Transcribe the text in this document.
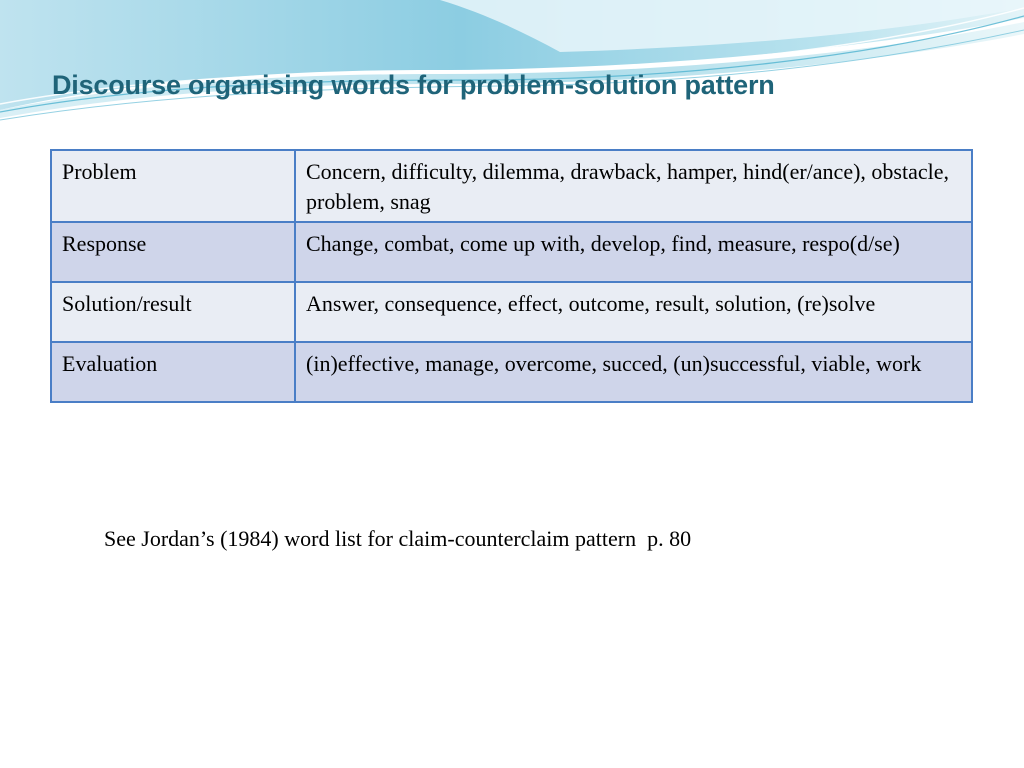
Discourse organising words for problem-solution pattern
Problem	Concern, difficulty, dilemma, drawback, hamper, hind(er/ance), obstacle, problem, snag
Response	Change, combat, come up with, develop, find, measure, respo(d/se)
Solution/result	Answer, consequence, effect, outcome, result, solution, (re)solve
Evaluation	(in)effective, manage, overcome, succed, (un)successful, viable, work
See Jordan’s (1984) word list for claim-counterclaim pattern  p. 80
